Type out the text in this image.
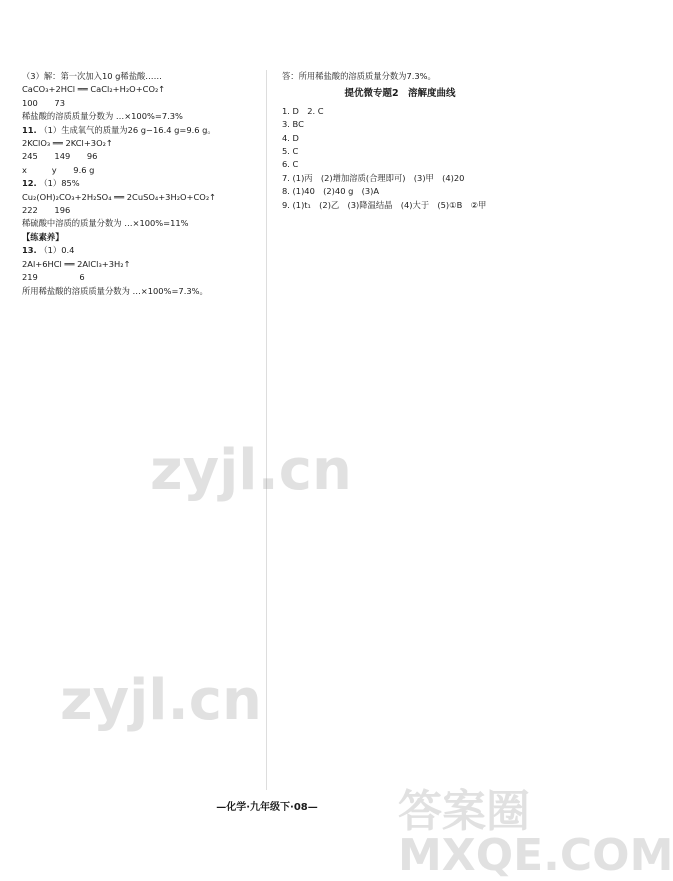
（3）解：第一次加入10 g稀盐酸……
CaCO₃+2HCl ══ CaCl₂+H₂O+CO₂↑
100　　73
稀盐酸的溶质质量分数为 …×100%=7.3%
11. （1）生成氧气的质量为26 g−16.4 g=9.6 g。
2KClO₃ ══ 2KCl+3O₂↑
245　　149　　96
x　　　y　　9.6 g
12. （1）85%
Cu₂(OH)₂CO₃+2H₂SO₄ ══ 2CuSO₄+3H₂O+CO₂↑
222　　196
稀硫酸中溶质的质量分数为 …×100%=11%
【练素养】
13. （1）0.4
2Al+6HCl ══ 2AlCl₃+3H₂↑
219　　　　　6
所用稀盐酸的溶质质量分数为 …×100%=7.3%。
答：所用稀盐酸的溶质质量分数为7.3%。
提优微专题2　溶解度曲线
1. D　2. C
3. BC
4. D
5. C
6. C
7. (1)丙　(2)增加溶质(合理即可)　(3)甲　(4)20
8. (1)40　(2)40 g　(3)A
9. (1)t₁　(2)乙　(3)降温结晶　(4)大于　(5)①B　②甲
zyjl.cn
zyjl.cn
答案圈 MXQE.COM
—化学·九年级下·08—
